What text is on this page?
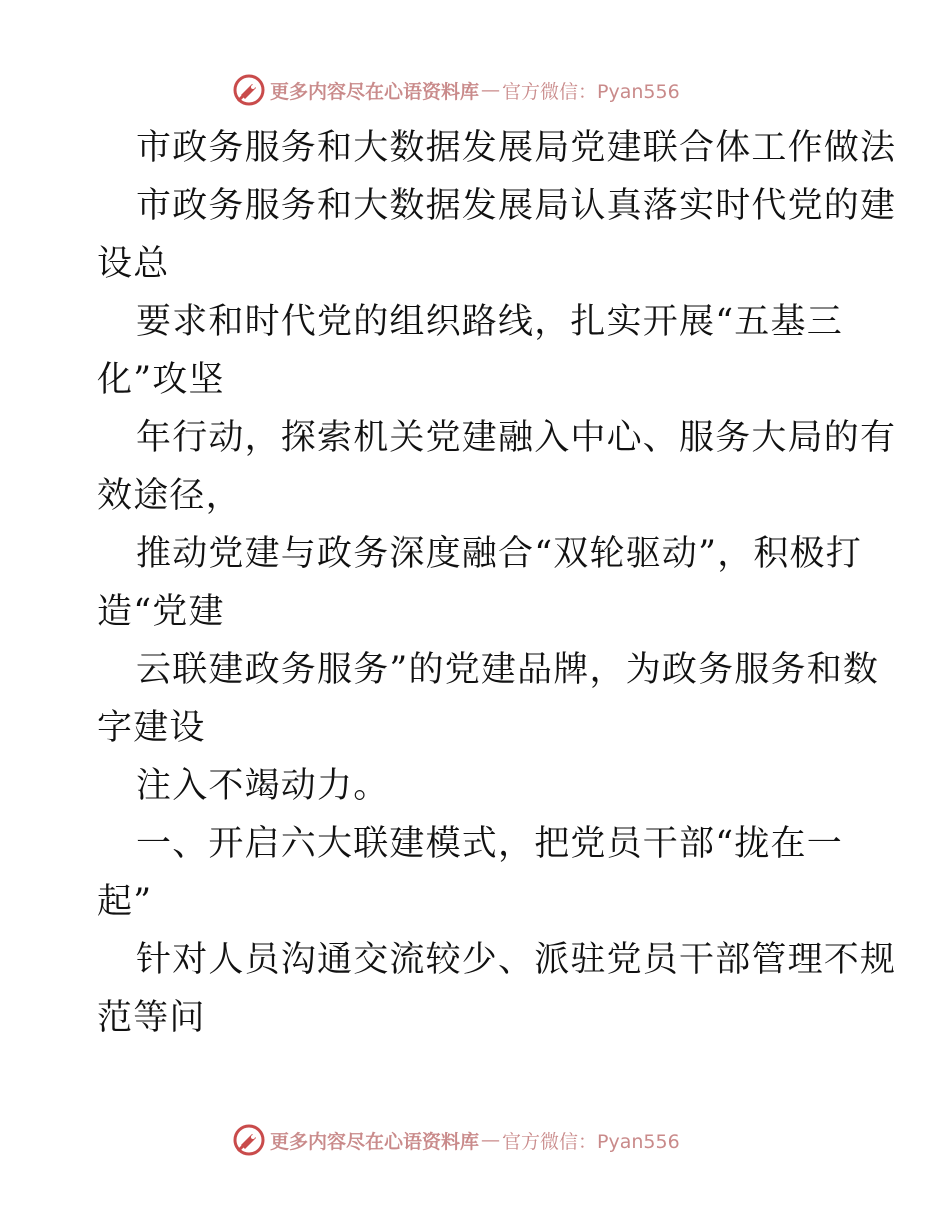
更多内容尽在心语资料库 — 官方微信：Pyan556
市政务服务和大数据发展局党建联合体工作做法
市政务服务和大数据发展局认真落实时代党的建
设总
要求和时代党的组织路线，扎实开展“五基三
化”攻坚
年行动，探索机关党建融入中心、服务大局的有
效途径，
推动党建与政务深度融合“双轮驱动”，积极打
造“党建
云联建政务服务”的党建品牌，为政务服务和数
字建设
注入不竭动力。
一、开启六大联建模式，把党员干部“拢在一
起”
针对人员沟通交流较少、派驻党员干部管理不规
范等问
更多内容尽在心语资料库 — 官方微信：Pyan556
